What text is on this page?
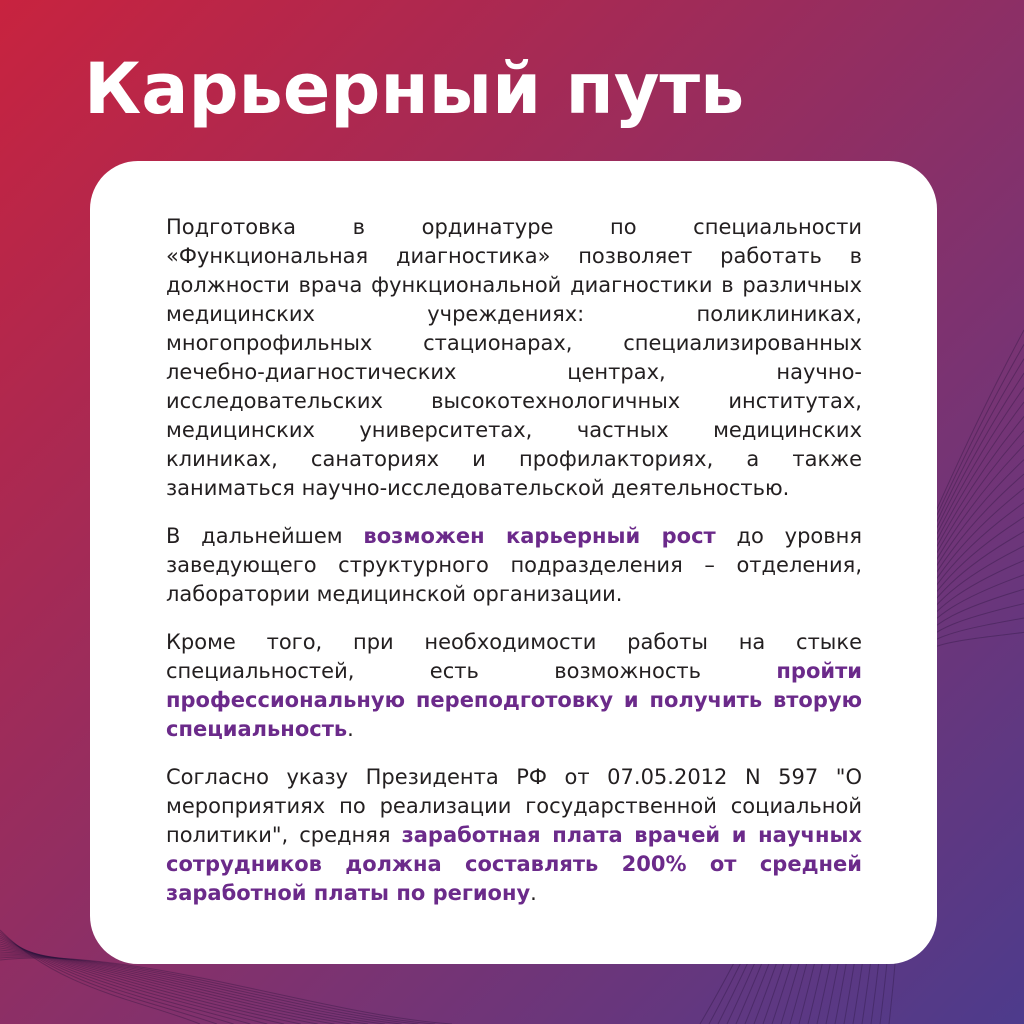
Карьерный путь

Подготовка в ординатуре по специальности «Функциональная диагностика» позволяет работать в должности врача функциональной диагностики в различных медицинских учреждениях: поликлиниках, многопрофильных стационарах, специализированных лечебно-диагностических центрах, научно-исследовательских высокотехнологичных институтах, медицинских университетах, частных медицинских клиниках, санаториях и профилакториях, а также заниматься научно-исследовательской деятельностью.

В дальнейшем возможен карьерный рост до уровня заведующего структурного подразделения – отделения, лаборатории медицинской организации.

Кроме того, при необходимости работы на стыке специальностей, есть возможность пройти профессиональную переподготовку и получить вторую специальность.

Согласно указу Президента РФ от 07.05.2012 N 597 "О мероприятиях по реализации государственной социальной политики", средняя заработная плата врачей и научных сотрудников должна составлять 200% от средней заработной платы по региону.
